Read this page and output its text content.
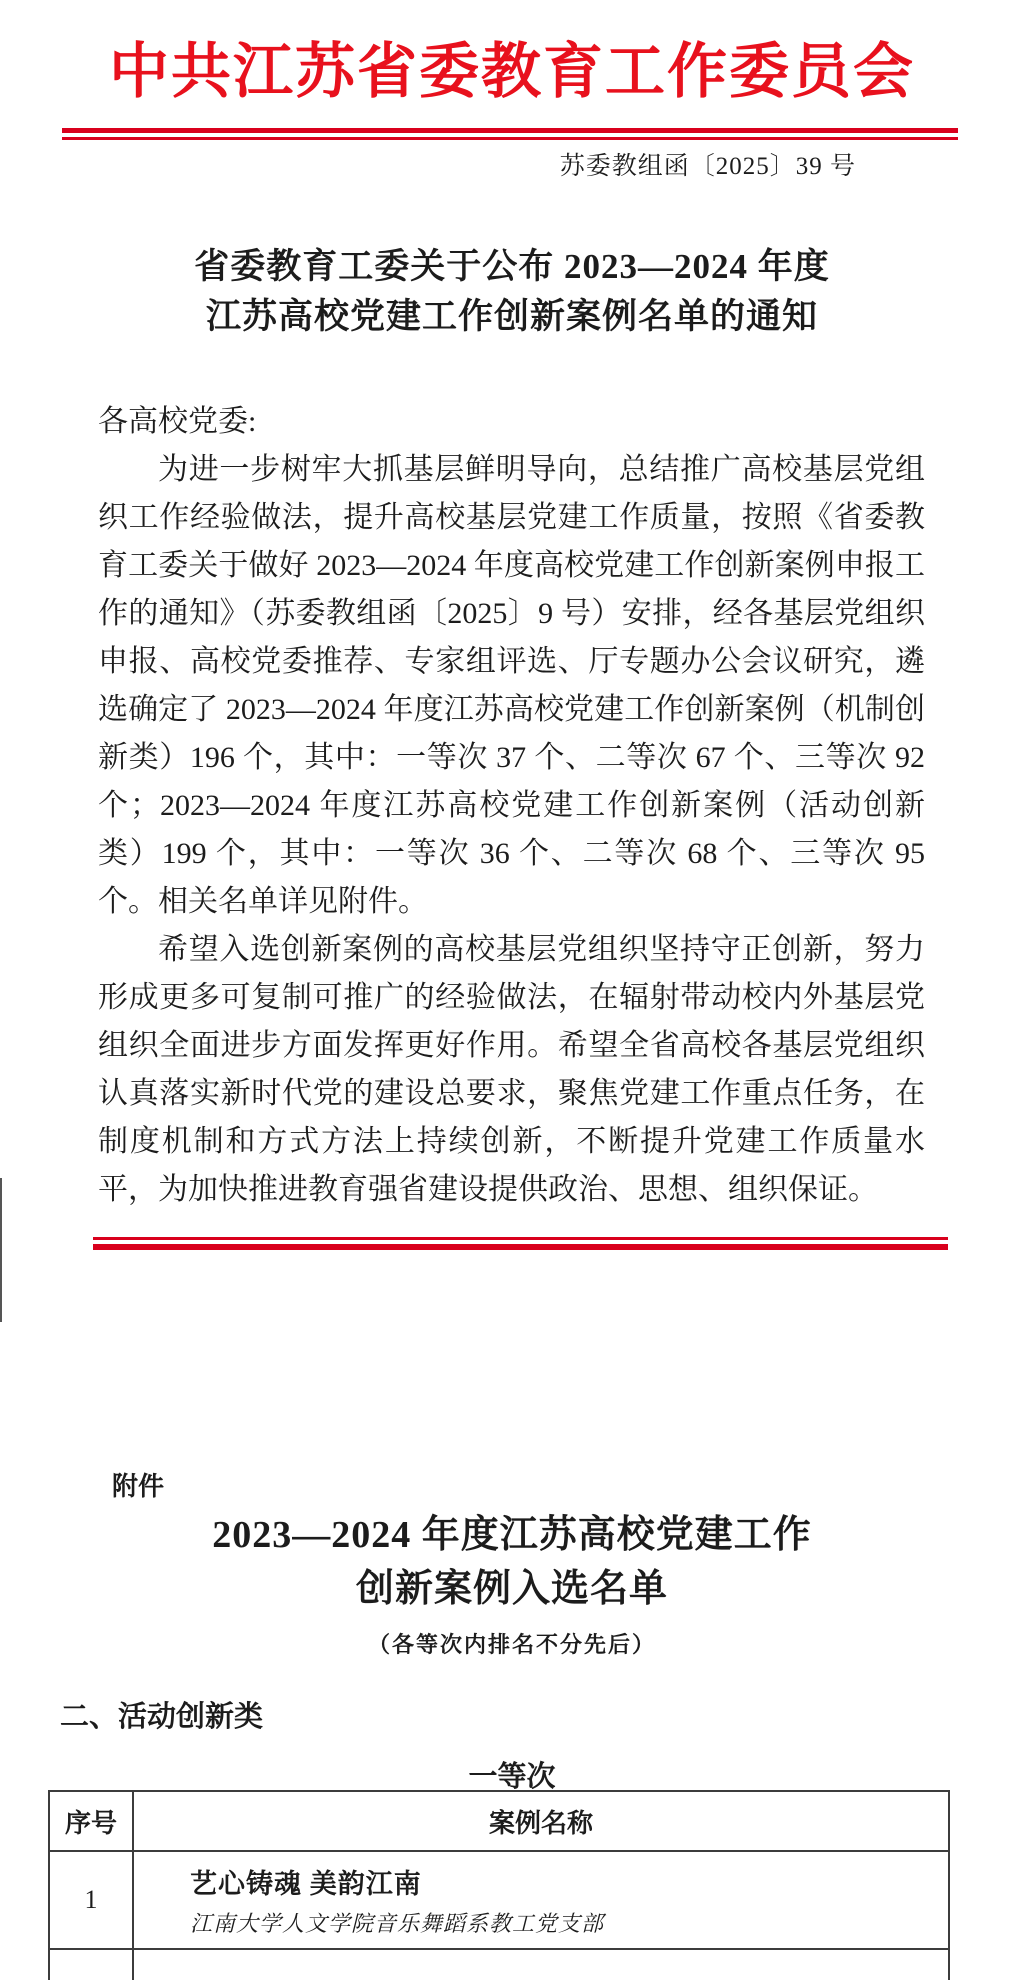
中共江苏省委教育工作委员会
苏委教组函〔2025〕39 号
省委教育工委关于公布 2023—2024 年度
江苏高校党建工作创新案例名单的通知
各高校党委:
为进一步树牢大抓基层鲜明导向，总结推广高校基层党组织工作经验做法，提升高校基层党建工作质量，按照《省委教育工委关于做好 2023—2024 年度高校党建工作创新案例申报工作的通知》（苏委教组函〔2025〕9 号）安排，经各基层党组织申报、高校党委推荐、专家组评选、厅专题办公会议研究，遴选确定了 2023—2024 年度江苏高校党建工作创新案例（机制创新类）196 个，其中：一等次 37 个、二等次 67 个、三等次 92 个；2023—2024 年度江苏高校党建工作创新案例（活动创新类）199 个，其中：一等次 36 个、二等次 68 个、三等次 95 个。相关名单详见附件。
希望入选创新案例的高校基层党组织坚持守正创新，努力形成更多可复制可推广的经验做法，在辐射带动校内外基层党组织全面进步方面发挥更好作用。希望全省高校各基层党组织认真落实新时代党的建设总要求，聚焦党建工作重点任务，在制度机制和方式方法上持续创新，不断提升党建工作质量水平，为加快推进教育强省建设提供政治、思想、组织保证。
附件
2023—2024 年度江苏高校党建工作
创新案例入选名单
（各等次内排名不分先后）
二、活动创新类
一等次
序号	案例名称
1	艺心铸魂 美韵江南
江南大学人文学院音乐舞蹈系教工党支部
